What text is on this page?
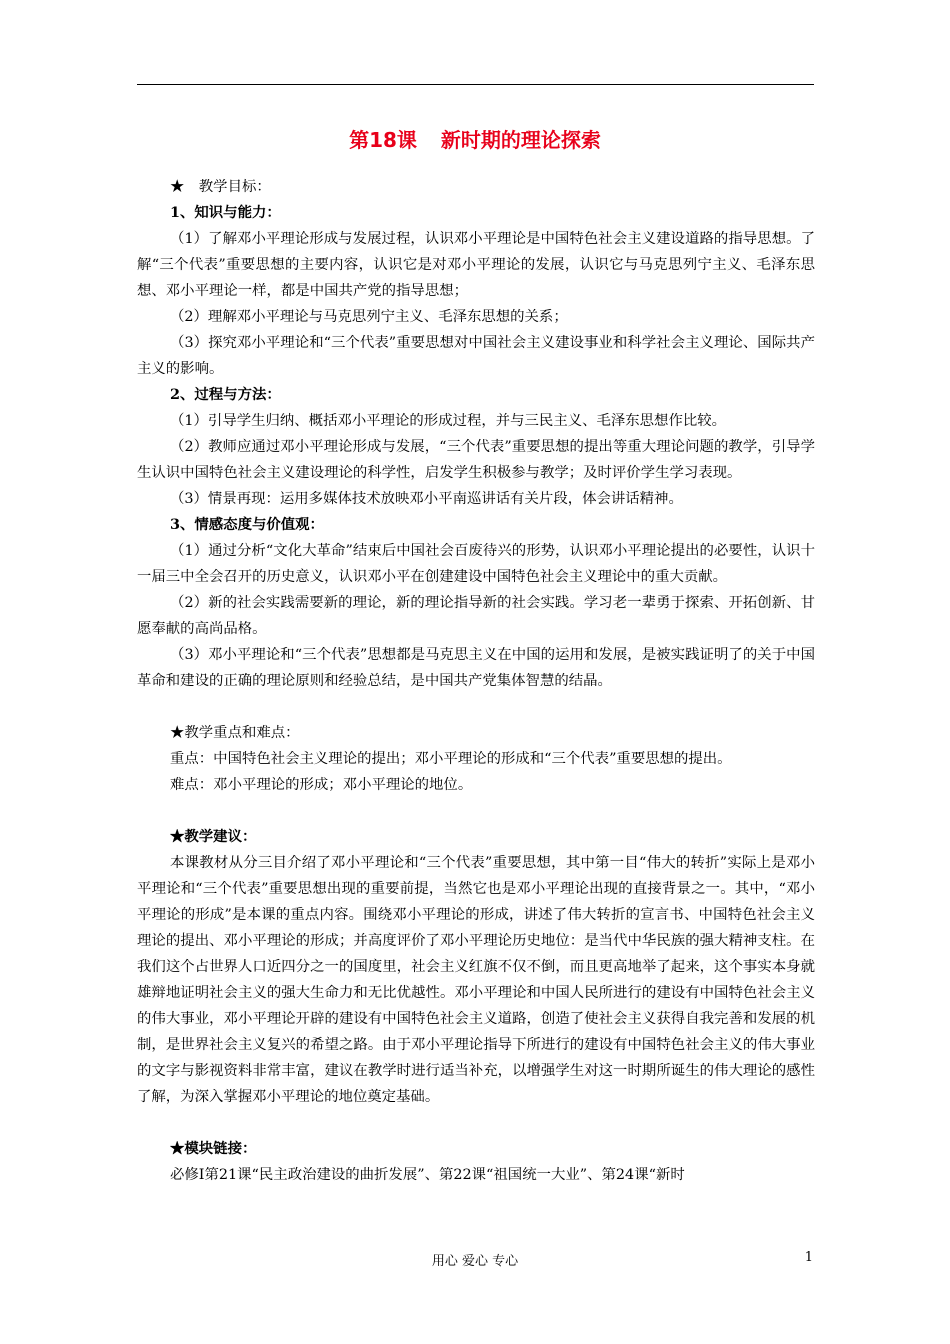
第18课 新时期的理论探索

★　教学目标：

1、知识与能力：

（1）了解邓小平理论形成与发展过程，认识邓小平理论是中国特色社会主义建设道路的指导思想。了解“三个代表”重要思想的主要内容，认识它是对邓小平理论的发展，认识它与马克思列宁主义、毛泽东思想、邓小平理论一样，都是中国共产党的指导思想；

（2）理解邓小平理论与马克思列宁主义、毛泽东思想的关系；

（3）探究邓小平理论和“三个代表”重要思想对中国社会主义建设事业和科学社会主义理论、国际共产主义的影响。

2、过程与方法：

（1）引导学生归纳、概括邓小平理论的形成过程，并与三民主义、毛泽东思想作比较。

（2）教师应通过邓小平理论形成与发展，“三个代表”重要思想的提出等重大理论问题的教学，引导学生认识中国特色社会主义建设理论的科学性，启发学生积极参与教学；及时评价学生学习表现。

（3）情景再现：运用多媒体技术放映邓小平南巡讲话有关片段，体会讲话精神。

3、情感态度与价值观：

（1）通过分析“文化大革命”结束后中国社会百废待兴的形势，认识邓小平理论提出的必要性，认识十一届三中全会召开的历史意义，认识邓小平在创建建设中国特色社会主义理论中的重大贡献。

（2）新的社会实践需要新的理论，新的理论指导新的社会实践。学习老一辈勇于探索、开拓创新、甘愿奉献的高尚品格。

（3）邓小平理论和“三个代表”思想都是马克思主义在中国的运用和发展，是被实践证明了的关于中国革命和建设的正确的理论原则和经验总结，是中国共产党集体智慧的结晶。

★教学重点和难点：

重点：中国特色社会主义理论的提出；邓小平理论的形成和“三个代表”重要思想的提出。

难点：邓小平理论的形成；邓小平理论的地位。

★教学建议：

本课教材从分三目介绍了邓小平理论和“三个代表”重要思想，其中第一目“伟大的转折”实际上是邓小平理论和“三个代表”重要思想出现的重要前提，当然它也是邓小平理论出现的直接背景之一。其中，“邓小平理论的形成”是本课的重点内容。围绕邓小平理论的形成，讲述了伟大转折的宣言书、中国特色社会主义理论的提出、邓小平理论的形成；并高度评价了邓小平理论历史地位：是当代中华民族的强大精神支柱。在我们这个占世界人口近四分之一的国度里，社会主义红旗不仅不倒，而且更高地举了起来，这个事实本身就雄辩地证明社会主义的强大生命力和无比优越性。邓小平理论和中国人民所进行的建设有中国特色社会主义的伟大事业，邓小平理论开辟的建设有中国特色社会主义道路，创造了使社会主义获得自我完善和发展的机制，是世界社会主义复兴的希望之路。由于邓小平理论指导下所进行的建设有中国特色社会主义的伟大事业的文字与影视资料非常丰富，建议在教学时进行适当补充，以增强学生对这一时期所诞生的伟大理论的感性了解，为深入掌握邓小平理论的地位奠定基础。

★模块链接：

必修Ⅰ第21课“民主政治建设的曲折发展”、第22课“祖国统一大业”、第24课“新时

用心 爱心 专心	1
